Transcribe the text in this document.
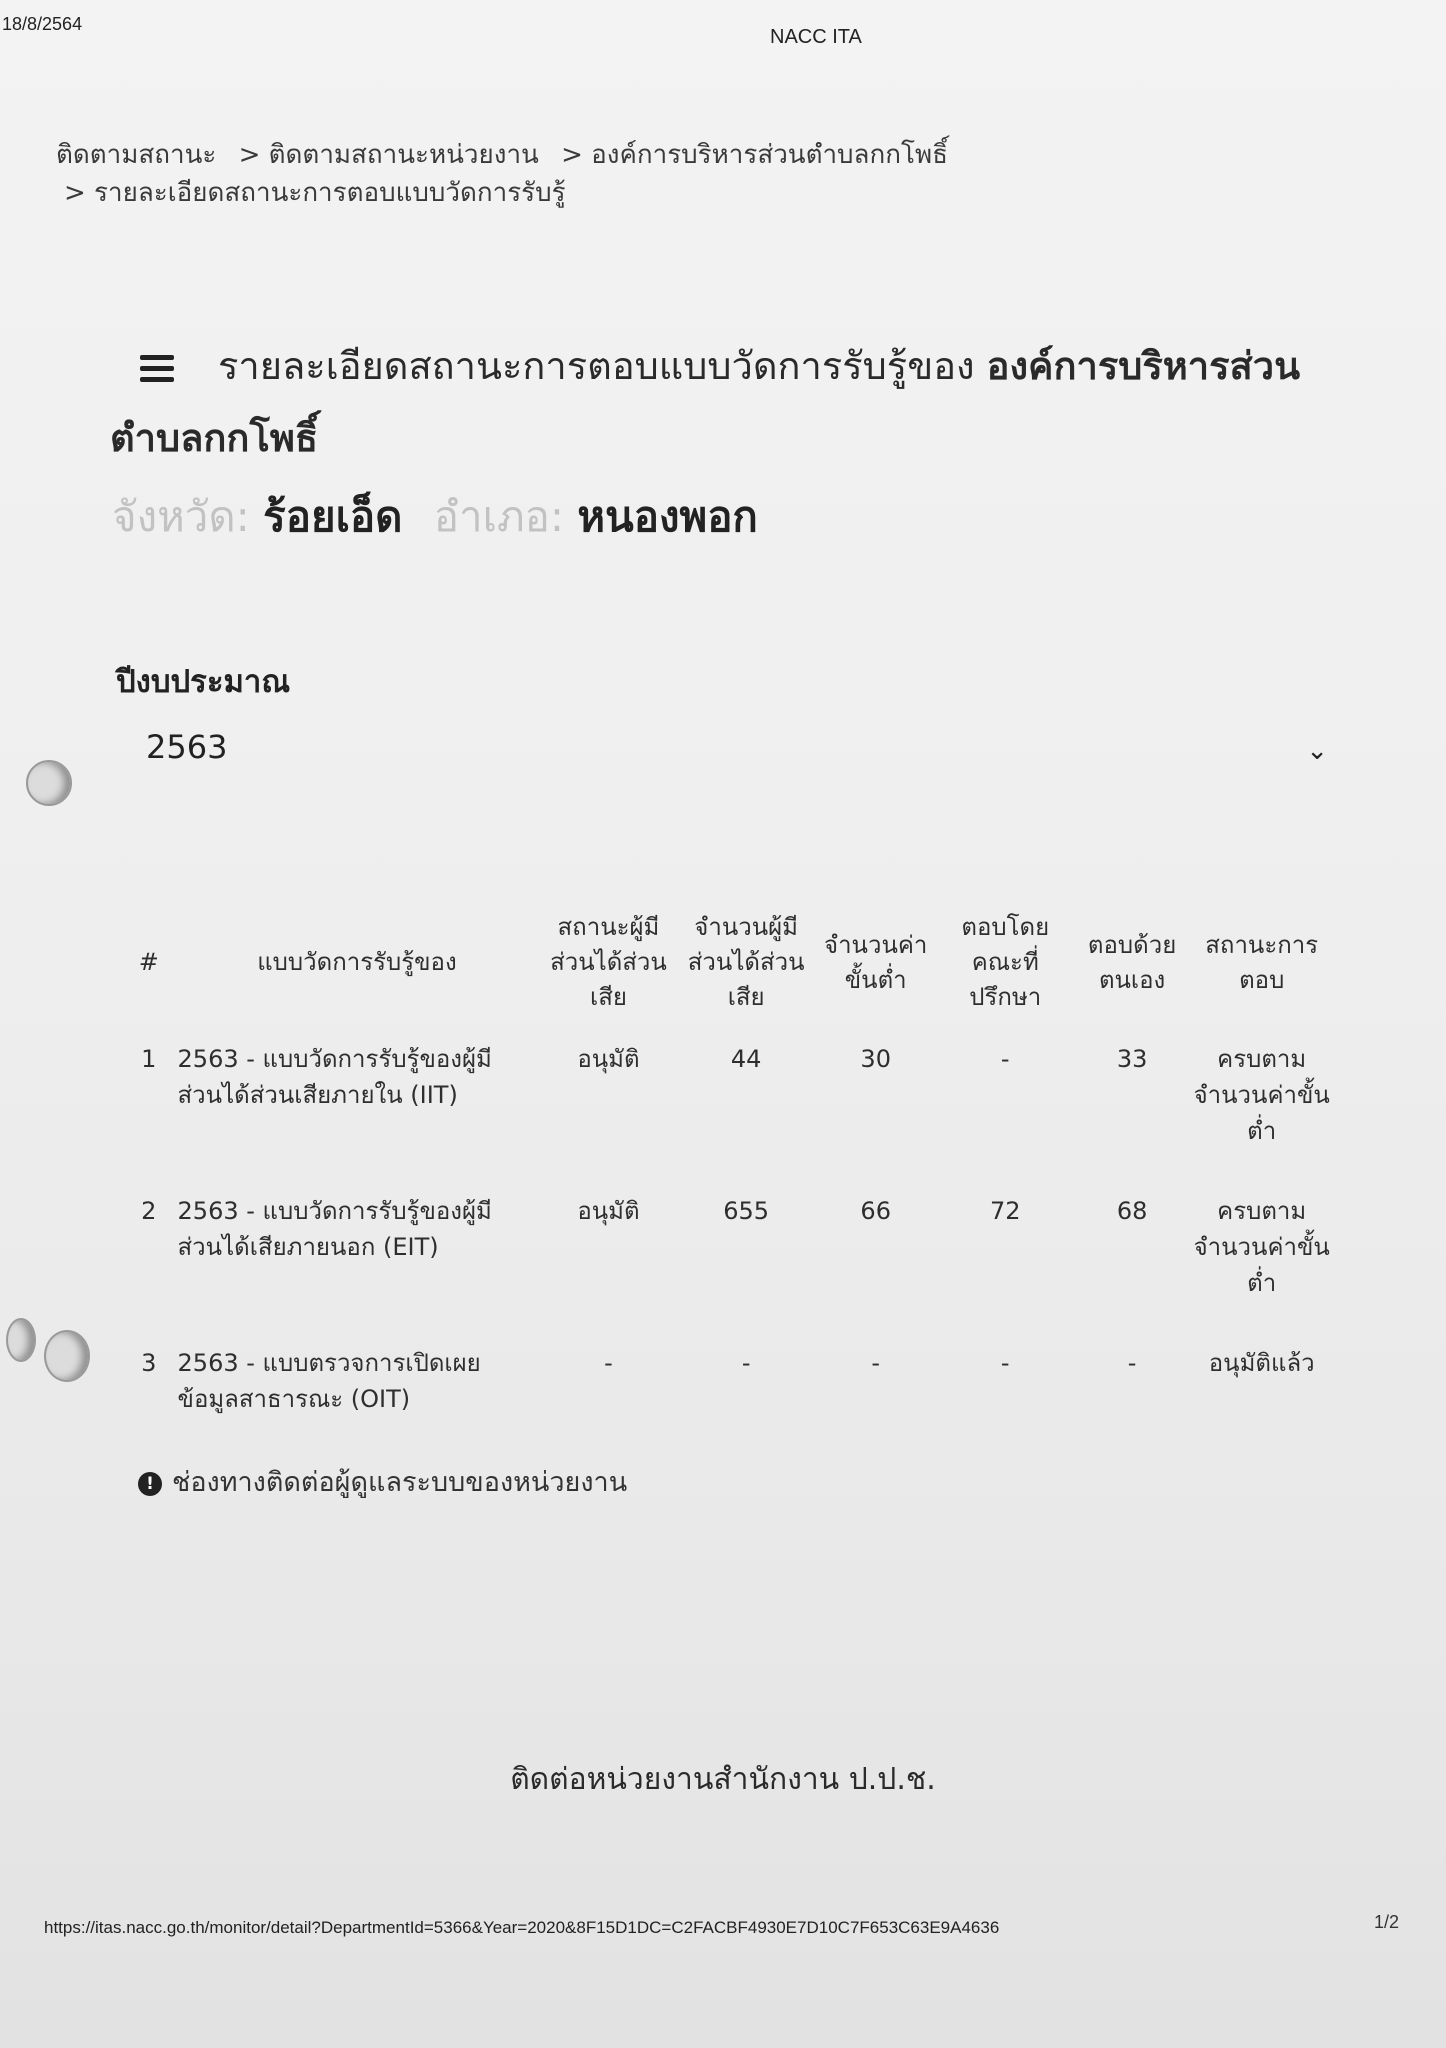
18/8/2564
NACC ITA
ติดตามสถานะ > ติดตามสถานะหน่วยงาน > องค์การบริหารส่วนตำบลกกโพธิ์
> รายละเอียดสถานะการตอบแบบวัดการรับรู้
รายละเอียดสถานะการตอบแบบวัดการรับรู้ของ องค์การบริหารส่วน
ตำบลกกโพธิ์
จังหวัด: ร้อยเอ็ด อำเภอ: หนองพอก
ปีงบประมาณ
2563	⌄
#	แบบวัดการรับรู้ของ	สถานะผู้มีส่วนได้ส่วนเสีย	จำนวนผู้มีส่วนได้ส่วนเสีย	จำนวนค่าขั้นต่ำ	ตอบโดยคณะที่ปรึกษา	ตอบด้วยตนเอง	สถานะการตอบ
1	2563 - แบบวัดการรับรู้ของผู้มีส่วนได้ส่วนเสียภายใน (IIT)	อนุมัติ	44	30	-	33	ครบตามจำนวนค่าขั้นต่ำ
2	2563 - แบบวัดการรับรู้ของผู้มีส่วนได้เสียภายนอก (EIT)	อนุมัติ	655	66	72	68	ครบตามจำนวนค่าขั้นต่ำ
3	2563 - แบบตรวจการเปิดเผยข้อมูลสาธารณะ (OIT)	-	-	-	-	-	อนุมัติแล้ว
! ช่องทางติดต่อผู้ดูแลระบบของหน่วยงาน
ติดต่อหน่วยงานสำนักงาน ป.ป.ช.
https://itas.nacc.go.th/monitor/detail?DepartmentId=5366&Year=2020&8F15D1DC=C2FACBF4930E7D10C7F653C63E9A4636	1/2
